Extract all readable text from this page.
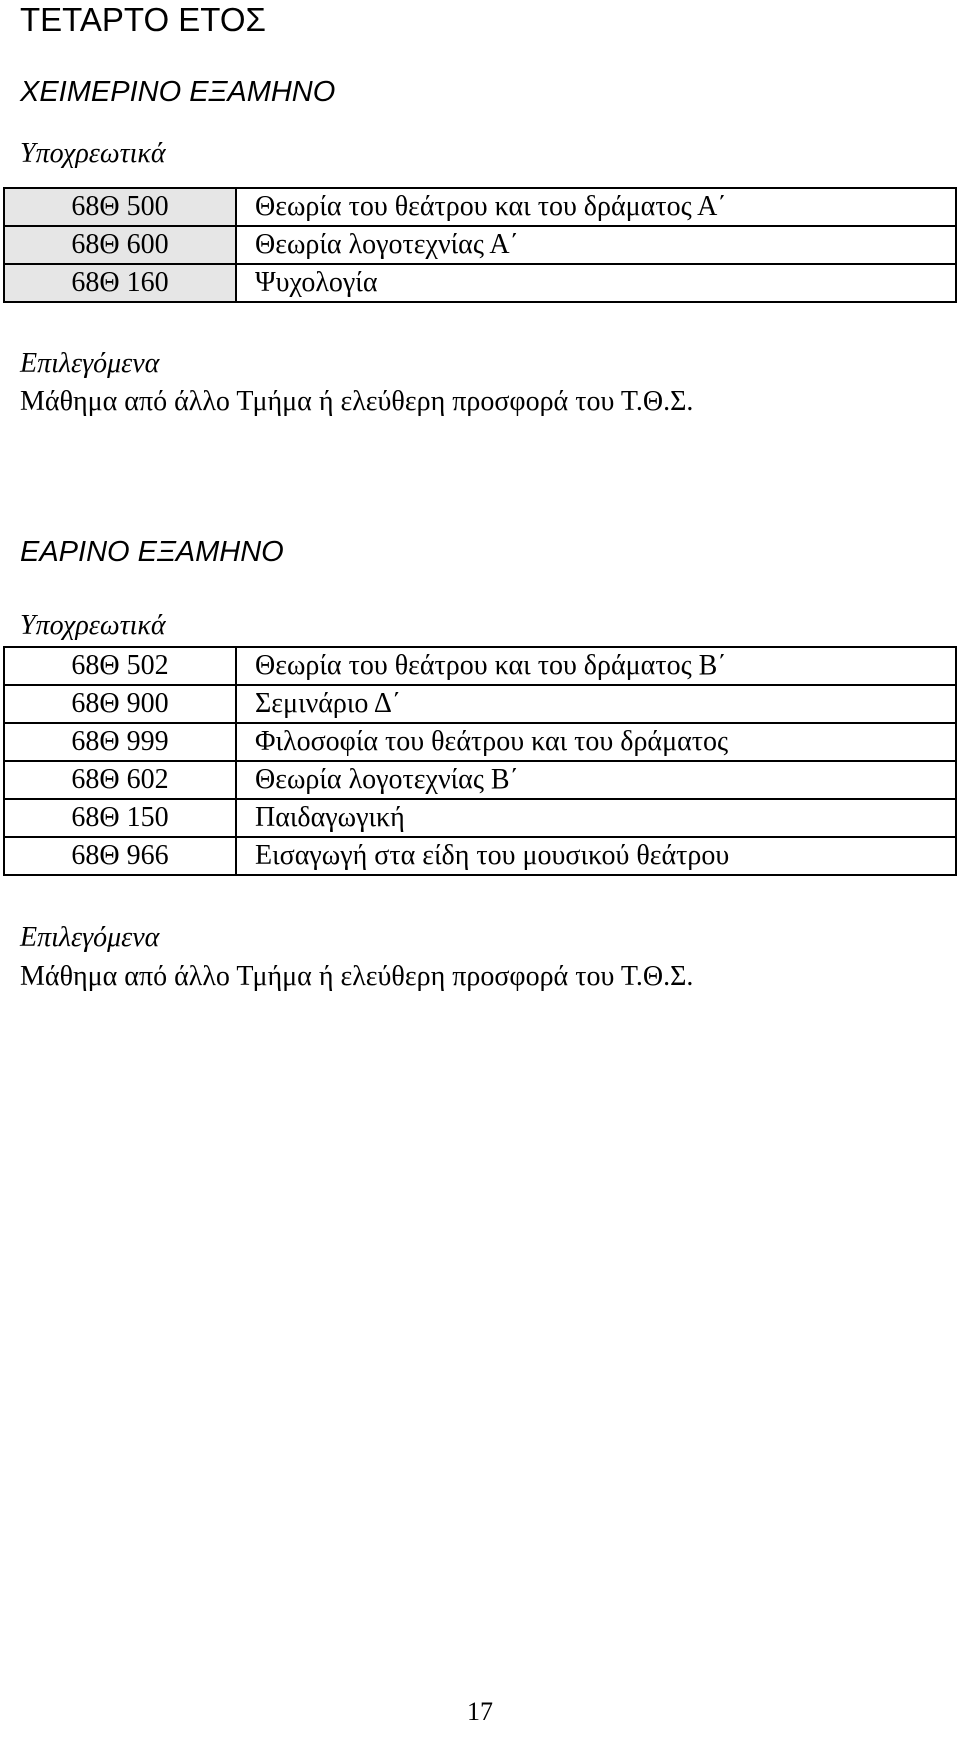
ΤΕΤΑΡΤΟ ΕΤΟΣ
ΧΕΙΜΕΡΙΝΟ ΕΞΑΜΗΝΟ
Υποχρεωτικά
68Θ 500	Θεωρία του θεάτρου και του δράματος Α΄
68Θ 600	Θεωρία λογοτεχνίας Α΄
68Θ 160	Ψυχολογία
Επιλεγόμενα
Μάθημα από άλλο Τμήμα ή ελεύθερη προσφορά του Τ.Θ.Σ.
ΕΑΡΙΝΟ ΕΞΑΜΗΝΟ
Υποχρεωτικά
68Θ 502	Θεωρία του θεάτρου και του δράματος Β΄
68Θ 900	Σεμινάριο Δ΄
68Θ 999	Φιλοσοφία του θεάτρου και του δράματος
68Θ 602	Θεωρία λογοτεχνίας Β΄
68Θ 150	Παιδαγωγική
68Θ 966	Εισαγωγή στα είδη του μουσικού θεάτρου
Επιλεγόμενα
Μάθημα από άλλο Τμήμα ή ελεύθερη προσφορά του Τ.Θ.Σ.
17
